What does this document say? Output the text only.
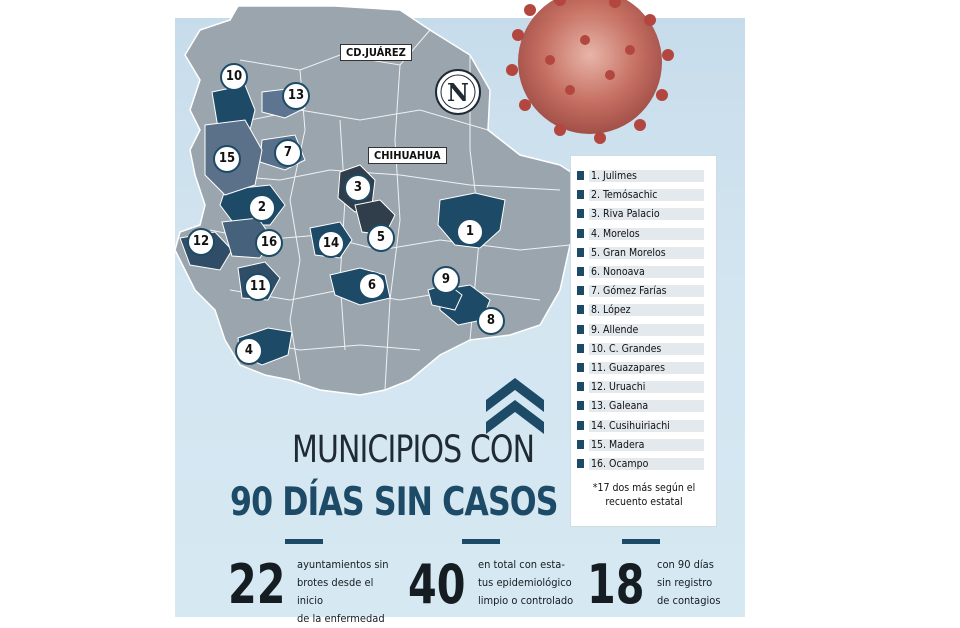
N
CD.JUÁREZ
CHIHUAHUA
1
2
3
4
5
6
7
8
9
10
11
12
13
14
15
16
1. Julimes
2. Temósachic
3. Riva Palacio
4. Morelos
5. Gran Morelos
6. Nonoava
7. Gómez Farías
8. López
9. Allende
10. C. Grandes
11. Guazapares
12. Uruachi
13. Galeana
14. Cusihuiriachi
15. Madera
16. Ocampo
*17 dos más según el recuento estatal
MUNICIPIOS CON
90 DÍAS SIN CASOS
22 ayuntamientos sin
brotes desde el inicio
de la enfermedad
40 en total con esta-
tus epidemiológico
limpio o controlado 18 con 90 días
sin registro
de contagios
